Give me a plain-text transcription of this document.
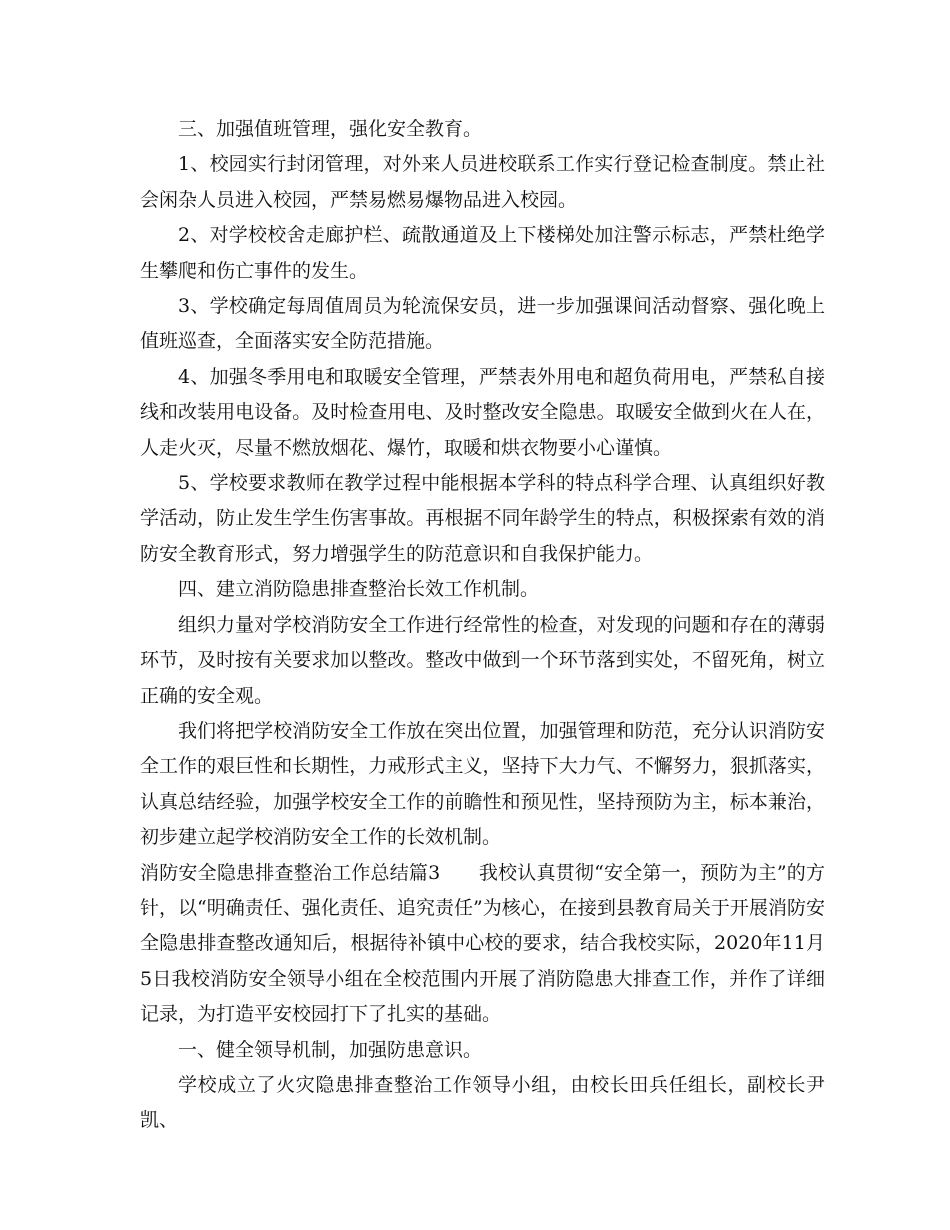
三、加强值班管理，强化安全教育。

1、校园实行封闭管理，对外来人员进校联系工作实行登记检查制度。禁止社会闲杂人员进入校园，严禁易燃易爆物品进入校园。

2、对学校校舍走廊护栏、疏散通道及上下楼梯处加注警示标志，严禁杜绝学生攀爬和伤亡事件的发生。

3、学校确定每周值周员为轮流保安员，进一步加强课间活动督察、强化晚上值班巡查，全面落实安全防范措施。

4、加强冬季用电和取暖安全管理，严禁表外用电和超负荷用电，严禁私自接线和改装用电设备。及时检查用电、及时整改安全隐患。取暖安全做到火在人在，人走火灭，尽量不燃放烟花、爆竹，取暖和烘衣物要小心谨慎。

5、学校要求教师在教学过程中能根据本学科的特点科学合理、认真组织好教学活动，防止发生学生伤害事故。再根据不同年龄学生的特点，积极探索有效的消防安全教育形式，努力增强学生的防范意识和自我保护能力。

四、建立消防隐患排查整治长效工作机制。

组织力量对学校消防安全工作进行经常性的检查，对发现的问题和存在的薄弱环节，及时按有关要求加以整改。整改中做到一个环节落到实处，不留死角，树立正确的安全观。

我们将把学校消防安全工作放在突出位置，加强管理和防范，充分认识消防安全工作的艰巨性和长期性，力戒形式主义，坚持下大力气、不懈努力，狠抓落实，认真总结经验，加强学校安全工作的前瞻性和预见性，坚持预防为主，标本兼治，初步建立起学校消防安全工作的长效机制。

消防安全隐患排查整治工作总结篇3　　我校认真贯彻“安全第一，预防为主”的方针，以“明确责任、强化责任、追究责任”为核心，在接到县教育局关于开展消防安全隐患排查整改通知后，根据待补镇中心校的要求，结合我校实际，2020年11月5日我校消防安全领导小组在全校范围内开展了消防隐患大排查工作，并作了详细记录，为打造平安校园打下了扎实的基础。

一、健全领导机制，加强防患意识。

学校成立了火灾隐患排查整治工作领导小组，由校长田兵任组长，副校长尹凯、
